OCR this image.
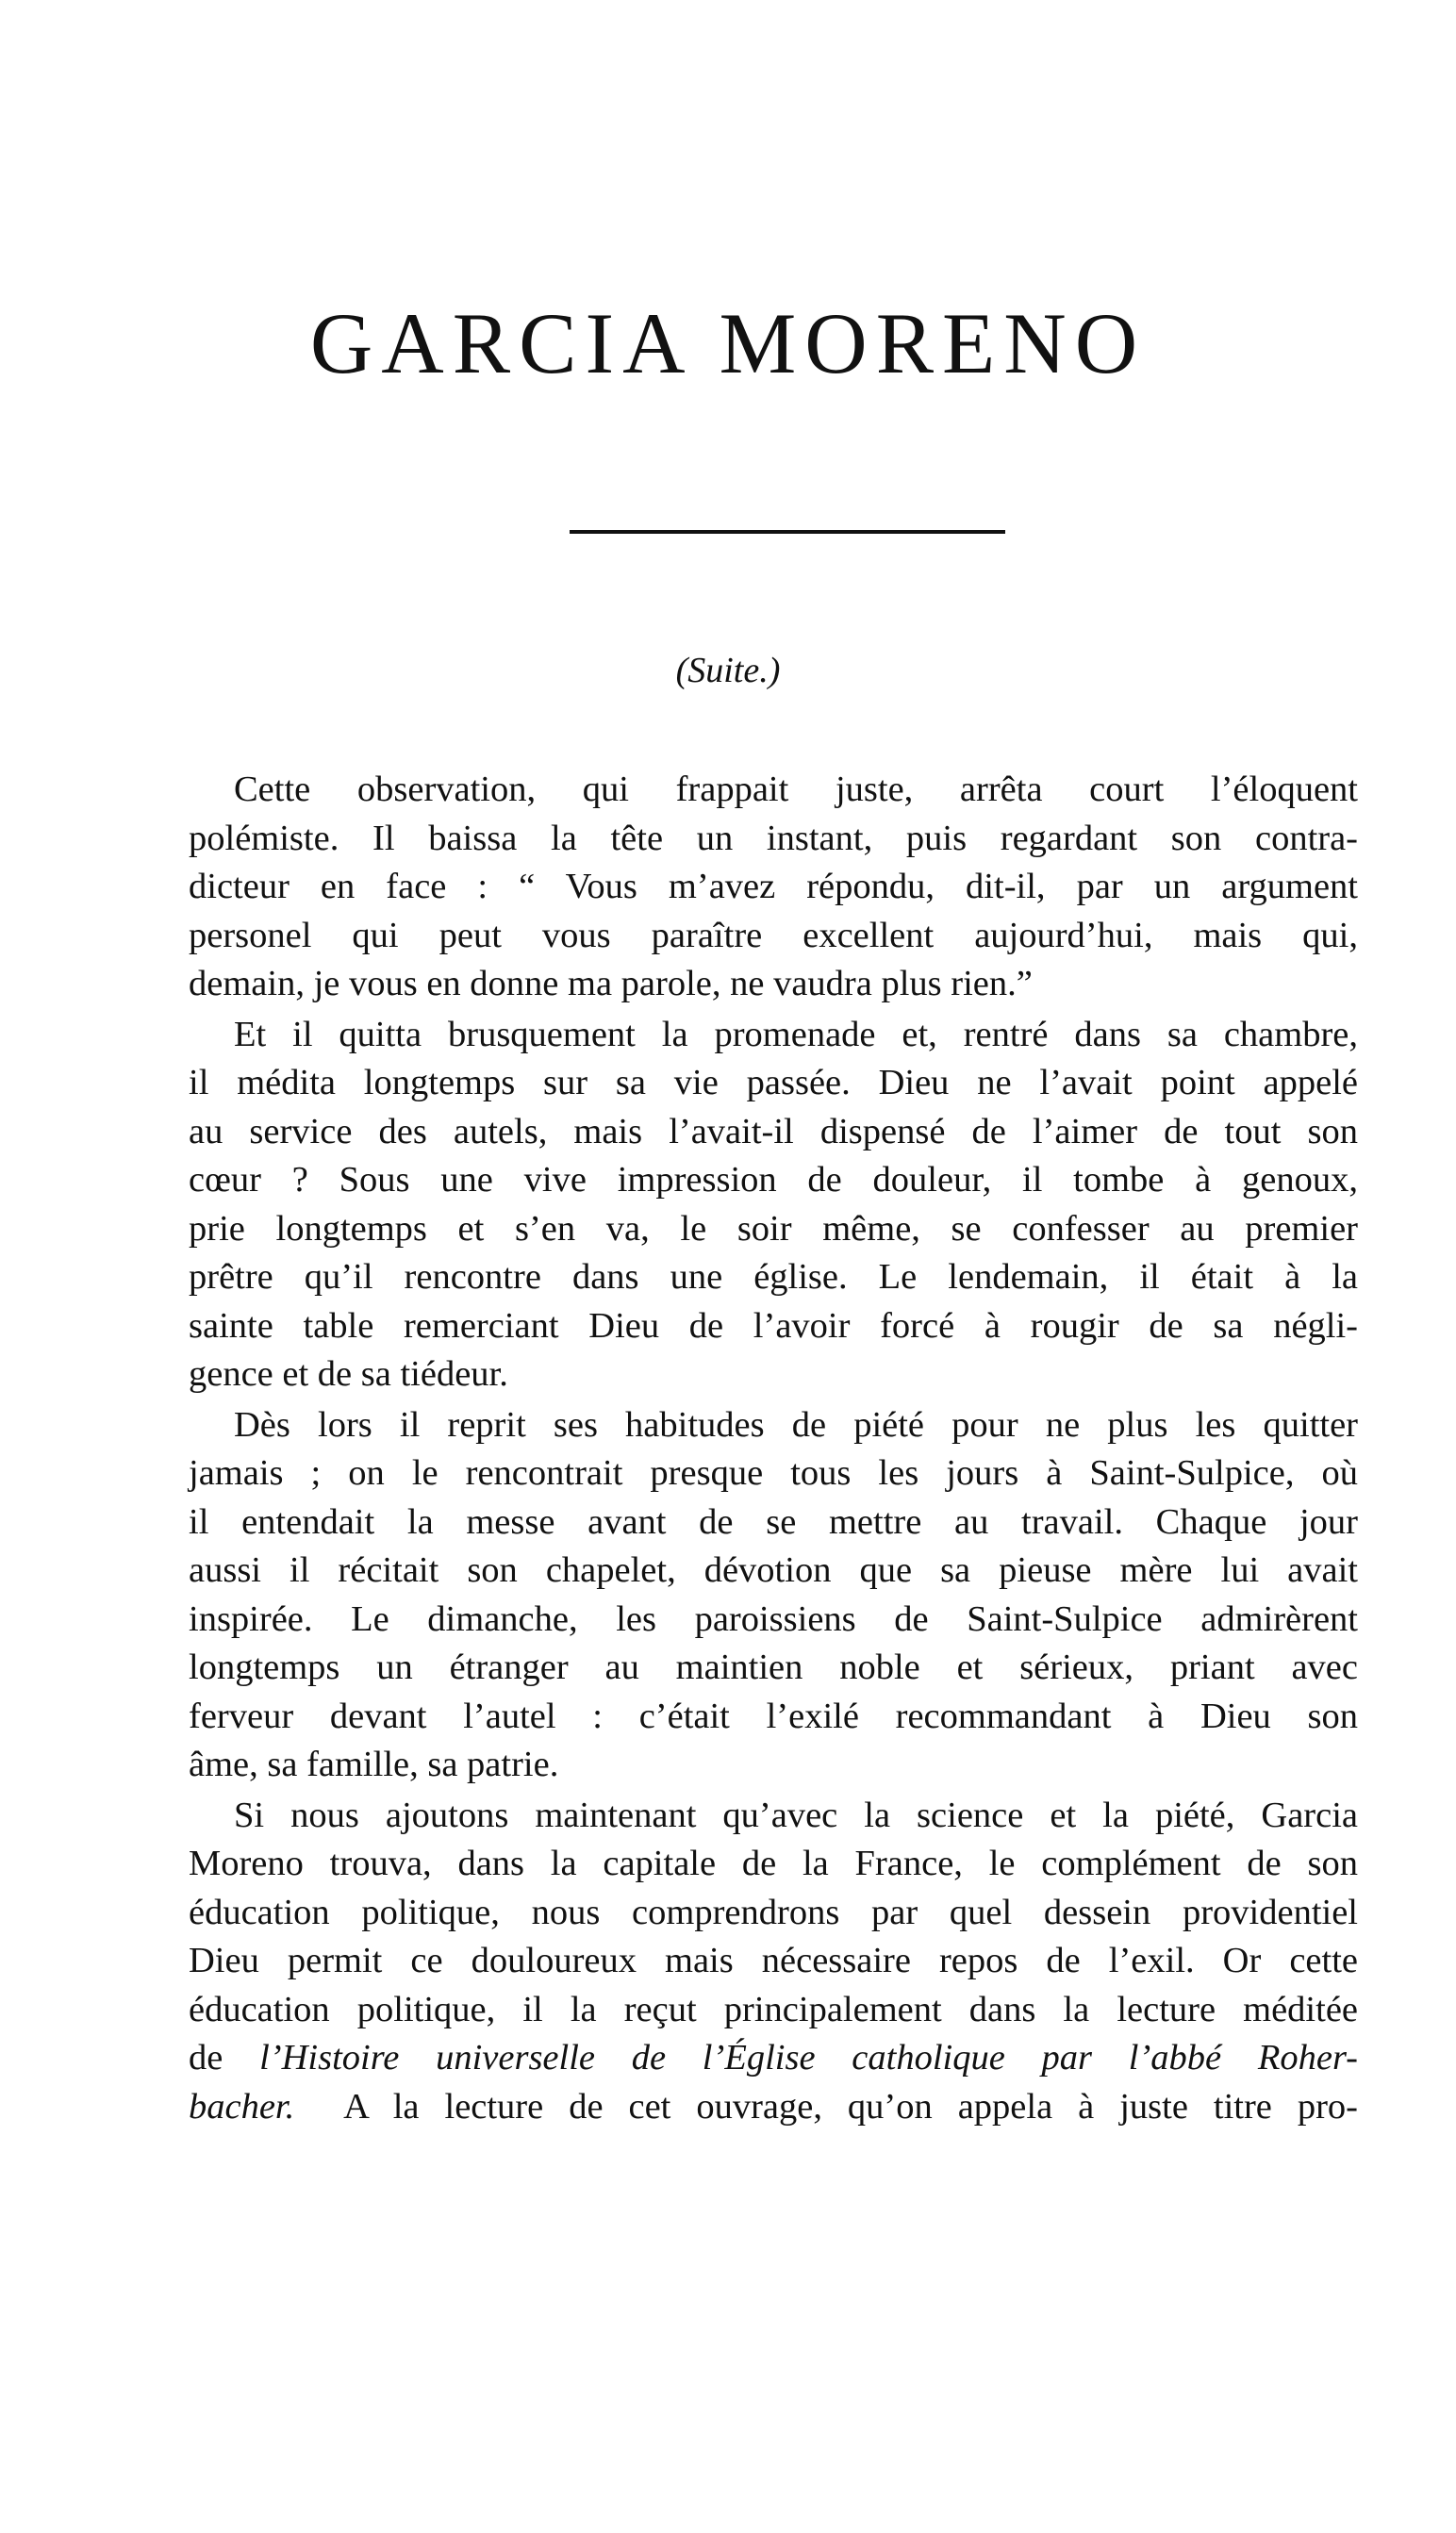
GARCIA MORENO
(Suite.)

Cette observation, qui frappait juste, arrêta court l’éloquent
polémiste. Il baissa la tête un instant, puis regardant son contra-
dicteur en face : “ Vous m’avez répondu, dit-il, par un argument
personel qui peut vous paraître excellent aujourd’hui, mais qui,
demain, je vous en donne ma parole, ne vaudra plus rien.”

Et il quitta brusquement la promenade et, rentré dans sa chambre,
il médita longtemps sur sa vie passée. Dieu ne l’avait point appelé
au service des autels, mais l’avait-il dispensé de l’aimer de tout son
cœur ? Sous une vive impression de douleur, il tombe à genoux,
prie longtemps et s’en va, le soir même, se confesser au premier
prêtre qu’il rencontre dans une église. Le lendemain, il était à la
sainte table remerciant Dieu de l’avoir forcé à rougir de sa négli-
gence et de sa tiédeur.

Dès lors il reprit ses habitudes de piété pour ne plus les quitter
jamais ; on le rencontrait presque tous les jours à Saint-Sulpice, où
il entendait la messe avant de se mettre au travail. Chaque jour
aussi il récitait son chapelet, dévotion que sa pieuse mère lui avait
inspirée. Le dimanche, les paroissiens de Saint-Sulpice admirèrent
longtemps un étranger au maintien noble et sérieux, priant avec
ferveur devant l’autel : c’était l’exilé recommandant à Dieu son
âme, sa famille, sa patrie.

Si nous ajoutons maintenant qu’avec la science et la piété, Garcia
Moreno trouva, dans la capitale de la France, le complément de son
éducation politique, nous comprendrons par quel dessein providentiel
Dieu permit ce douloureux mais nécessaire repos de l’exil. Or cette
éducation politique, il la reçut principalement dans la lecture méditée
de l’Histoire universelle de l’Église catholique par l’abbé Roher-
bacher. A la lecture de cet ouvrage, qu’on appela à juste titre pro-
